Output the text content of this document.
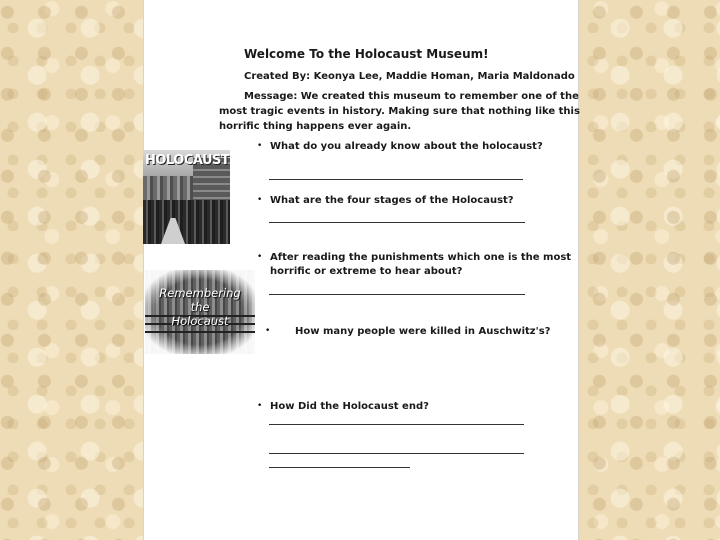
Welcome To the Holocaust Museum!
Created By: Keonya Lee, Maddie Homan, Maria Maldonado
Message: We created this museum to remember one of the
most tragic events in history. Making sure that nothing like this
horrific thing happens ever again.
HOLOCAUST
Remembering
the
Holocaust
• What do you already know about the holocaust?
• What are the four stages of the Holocaust?
• After reading the punishments which one is the most
horrific or extreme to hear about?
• How many people were killed in Auschwitz's?
• How Did the Holocaust end?
